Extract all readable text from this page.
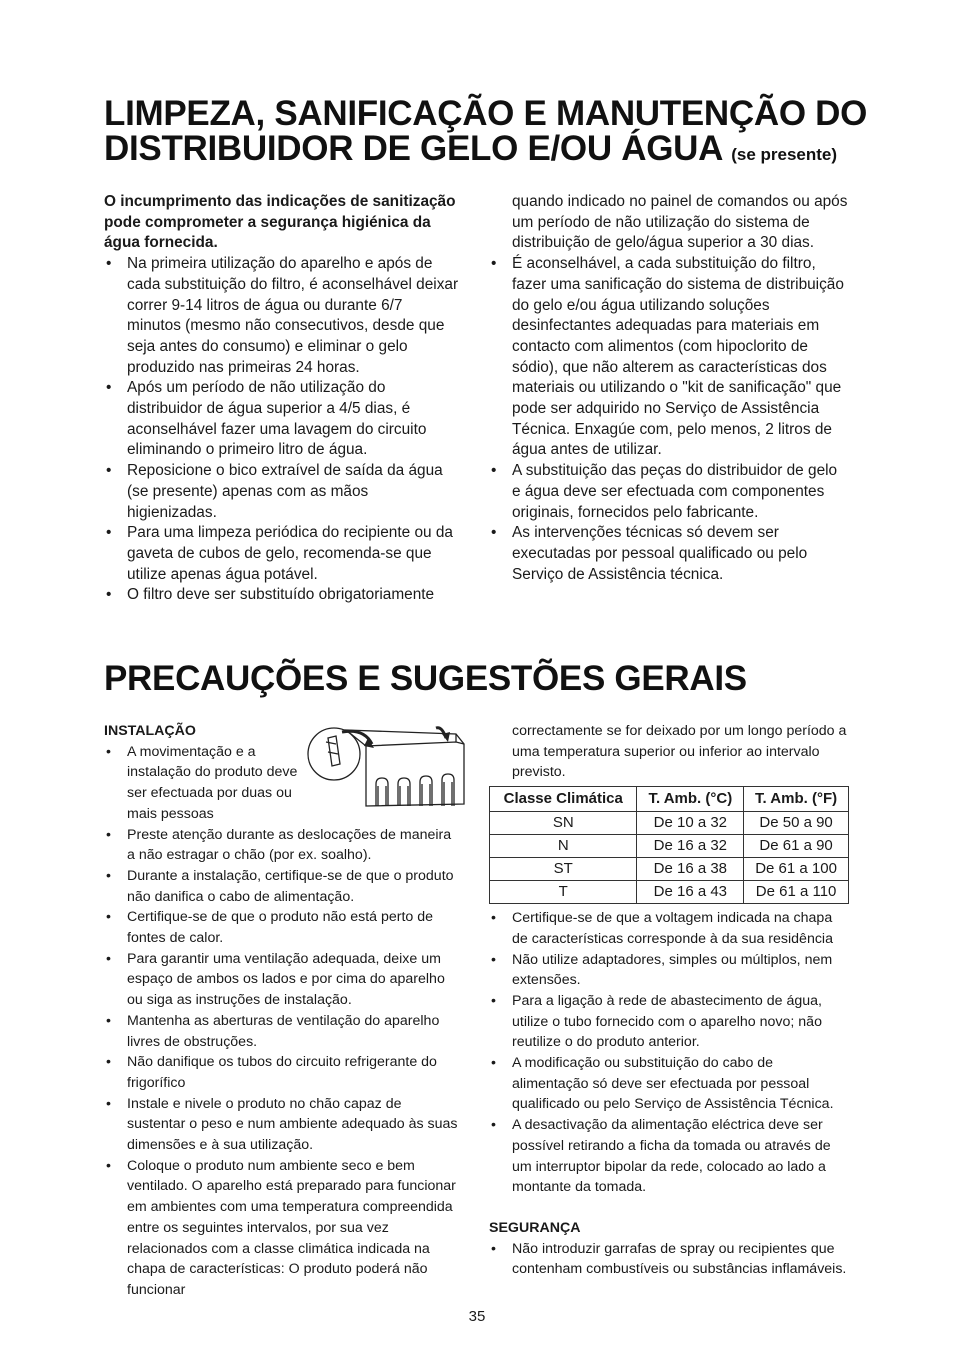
LIMPEZA, SANIFICAÇÃO E MANUTENÇÃO DO
DISTRIBUIDOR DE GELO E/OU ÁGUA (se presente)

O incumprimento das indicações de sanitização pode comprometer a segurança higiénica da água fornecida.

• Na primeira utilização do aparelho e após de cada substituição do filtro, é aconselhável deixar correr 9-14 litros de água ou durante 6/7 minutos (mesmo não consecutivos, desde que seja antes do consumo) e eliminar o gelo produzido nas primeiras 24 horas.
• Após um período de não utilização do distribuidor de água superior a 4/5 dias, é aconselhável fazer uma lavagem do circuito eliminando o primeiro litro de água.
• Reposicione o bico extraível de saída da água (se presente) apenas com as mãos higienizadas.
• Para uma limpeza periódica do recipiente ou da gaveta de cubos de gelo, recomenda-se que utilize apenas água potável.
• O filtro deve ser substituído obrigatoriamente

quando indicado no painel de comandos ou após um período de não utilização do sistema de distribuição de gelo/água superior a 30 dias.

• É aconselhável, a cada substituição do filtro, fazer uma sanificação do sistema de distribuição do gelo e/ou água utilizando soluções desinfectantes adequadas para materiais em contacto com alimentos (com hipoclorito de sódio), que não alterem as características dos materiais ou utilizando o "kit de sanificação" que pode ser adquirido no Serviço de Assistência Técnica. Enxagúe com, pelo menos, 2 litros de água antes de utilizar.
• A substituição das peças do distribuidor de gelo e água deve ser efectuada com componentes originais, fornecidos pelo fabricante.
• As intervenções técnicas só devem ser executadas por pessoal qualificado ou pelo Serviço de Assistência técnica.
PRECAUÇÕES E SUGESTÕES GERAIS
INSTALAÇÃO
• A movimentação e a instalação do produto deve ser efectuada por duas ou mais pessoas
• Preste atenção durante as deslocações de maneira a não estragar o chão (por ex. soalho).
• Durante a instalação, certifique-se de que o produto não danifica o cabo de alimentação.
• Certifique-se de que o produto não está perto de fontes de calor.
• Para garantir uma ventilação adequada, deixe um espaço de ambos os lados e por cima do aparelho ou siga as instruções de instalação.
• Mantenha as aberturas de ventilação do aparelho livres de obstruções.
• Não danifique os tubos do circuito refrigerante do frigorífico
• Instale e nivele o produto no chão capaz de sustentar o peso e num ambiente adequado às suas dimensões e à sua utilização.
• Coloque o produto num ambiente seco e bem ventilado. O aparelho está preparado para funcionar em ambientes com uma temperatura compreendida entre os seguintes intervalos, por sua vez relacionados com a classe climática indicada na chapa de características: O produto poderá não funcionar

correctamente se for deixado por um longo período a uma temperatura superior ou inferior ao intervalo previsto.

Classe Climática	T. Amb. (°C)	T. Amb. (°F)
SN	De 10 a 32	De 50 a 90
N	De 16 a 32	De 61 a 90
ST	De 16 a 38	De 61 a 100
T	De 16 a 43	De 61 a 110
• Certifique-se de que a voltagem indicada na chapa de características corresponde à da sua residência
• Não utilize adaptadores, simples ou múltiplos, nem extensões.
• Para a ligação à rede de abastecimento de água, utilize o tubo fornecido com o aparelho novo; não reutilize o do produto anterior.
• A modificação ou substituição do cabo de alimentação só deve ser efectuada por pessoal qualificado ou pelo Serviço de Assistência Técnica.
• A desactivação da alimentação eléctrica deve ser possível retirando a ficha da tomada ou através de um interruptor bipolar da rede, colocado ao lado a montante da tomada.
SEGURANÇA
• Não introduzir garrafas de spray ou recipientes que contenham combustíveis ou substâncias inflamáveis.
35
